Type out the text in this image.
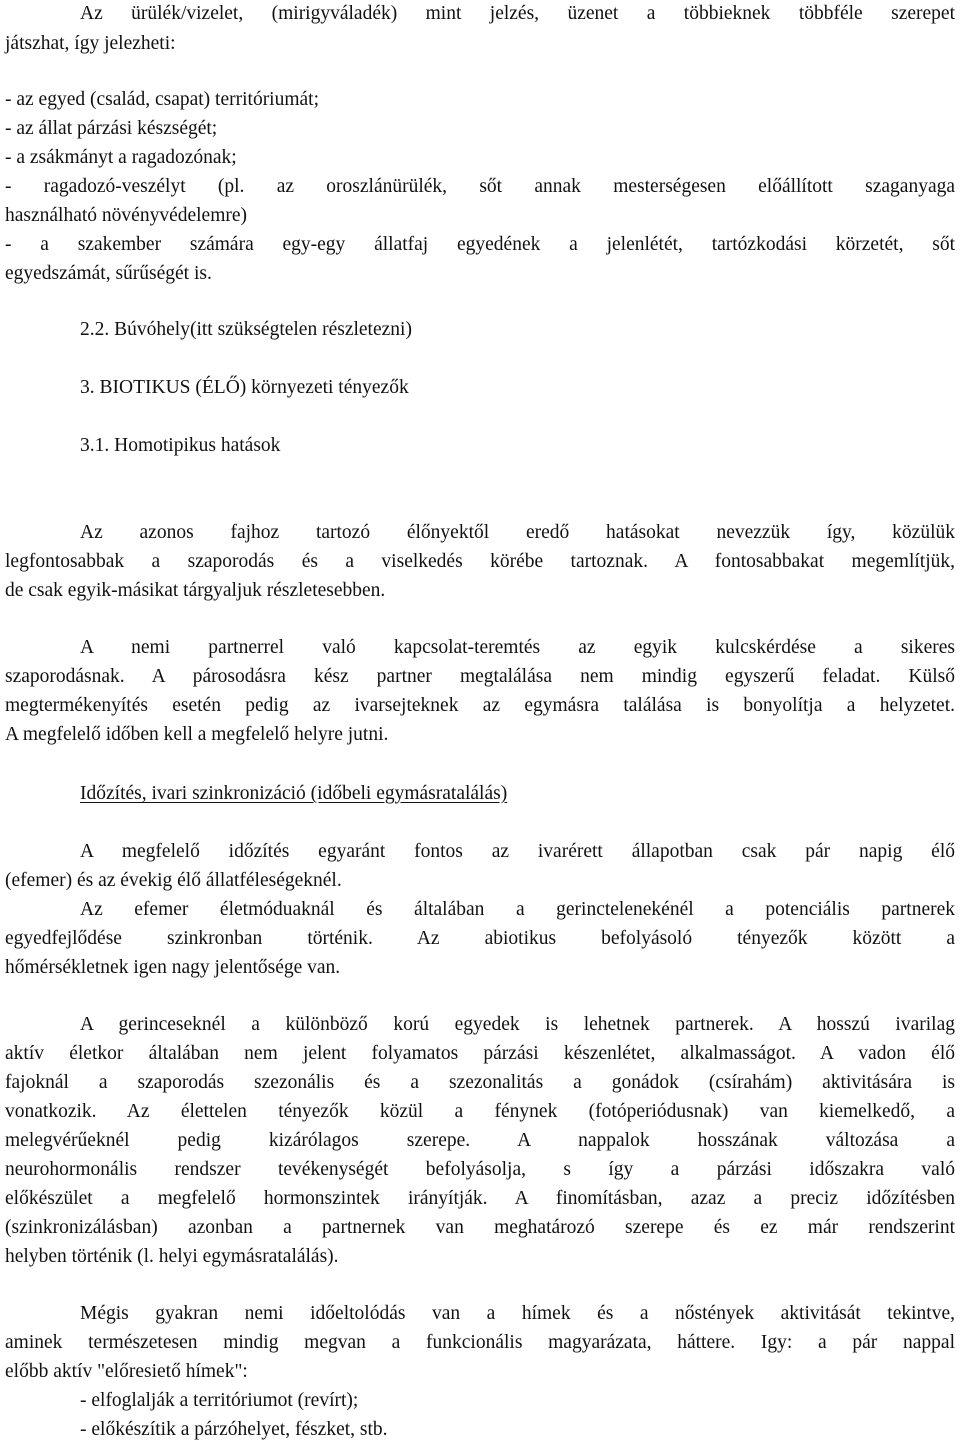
Az ürülék/vizelet, (mirigyváladék) mint jelzés, üzenet a többieknek többféle szerepet
játszhat, így jelezheti:
- az egyed (család, csapat) territóriumát;
- az állat párzási készségét;
- a zsákmányt a ragadozónak;
- ragadozó-veszélyt (pl. az oroszlánürülék, sőt annak mesterségesen előállított szaganyaga
használható növényvédelemre)
- a szakember számára egy-egy állatfaj egyedének a jelenlétét, tartózkodási körzetét, sőt
egyedszámát, sűrűségét is.
2.2. Búvóhely(itt szükségtelen részletezni)
3. BIOTIKUS (ÉLŐ) környezeti tényezők
3.1. Homotipikus hatások
Az azonos fajhoz tartozó élőnyektől eredő hatásokat nevezzük így, közülük
legfontosabbak a szaporodás és a viselkedés körébe tartoznak. A fontosabbakat megemlítjük,
de csak egyik-másikat tárgyaljuk részletesebben.
A nemi partnerrel való kapcsolat-teremtés az egyik kulcskérdése a sikeres
szaporodásnak. A párosodásra kész partner megtalálása nem mindig egyszerű feladat. Külső
megtermékenyítés esetén pedig az ivarsejteknek az egymásra találása is bonyolítja a helyzetet.
A megfelelő időben kell a megfelelő helyre jutni.
Időzítés, ivari szinkronizáció (időbeli egymásratalálás)
A megfelelő időzítés egyaránt fontos az ivarérett állapotban csak pár napig élő
(efemer) és az évekig élő állatféleségeknél.
Az efemer életmóduaknál és általában a gerinctelenekénél a potenciális partnerek
egyedfejlődése szinkronban történik. Az abiotikus befolyásoló tényezők között a
hőmérsékletnek igen nagy jelentősége van.
A gerinceseknél a különböző korú egyedek is lehetnek partnerek. A hosszú ivarilag
aktív életkor általában nem jelent folyamatos párzási készenlétet, alkalmasságot. A vadon élő
fajoknál a szaporodás szezonális és a szezonalitás a gonádok (csírahám) aktivitására is
vonatkozik. Az élettelen tényezők közül a fénynek (fotóperiódusnak) van kiemelkedő, a
melegvérűeknél pedig kizárólagos szerepe. A nappalok hosszának változása a
neurohormonális rendszer tevékenységét befolyásolja, s így a párzási időszakra való
előkészület a megfelelő hormonszintek irányítják. A finomításban, azaz a preciz időzítésben
(szinkronizálásban) azonban a partnernek van meghatározó szerepe és ez már rendszerint
helyben történik (l. helyi egymásratalálás).
Mégis gyakran nemi időeltolódás van a hímek és a nőstények aktivitását tekintve,
aminek természetesen mindig megvan a funkcionális magyarázata, háttere. Igy: a pár nappal
előbb aktív "előresiető hímek":
- elfoglalják a territóriumot (revírt);
- előkészítik a párzóhelyet, fészket, stb.
